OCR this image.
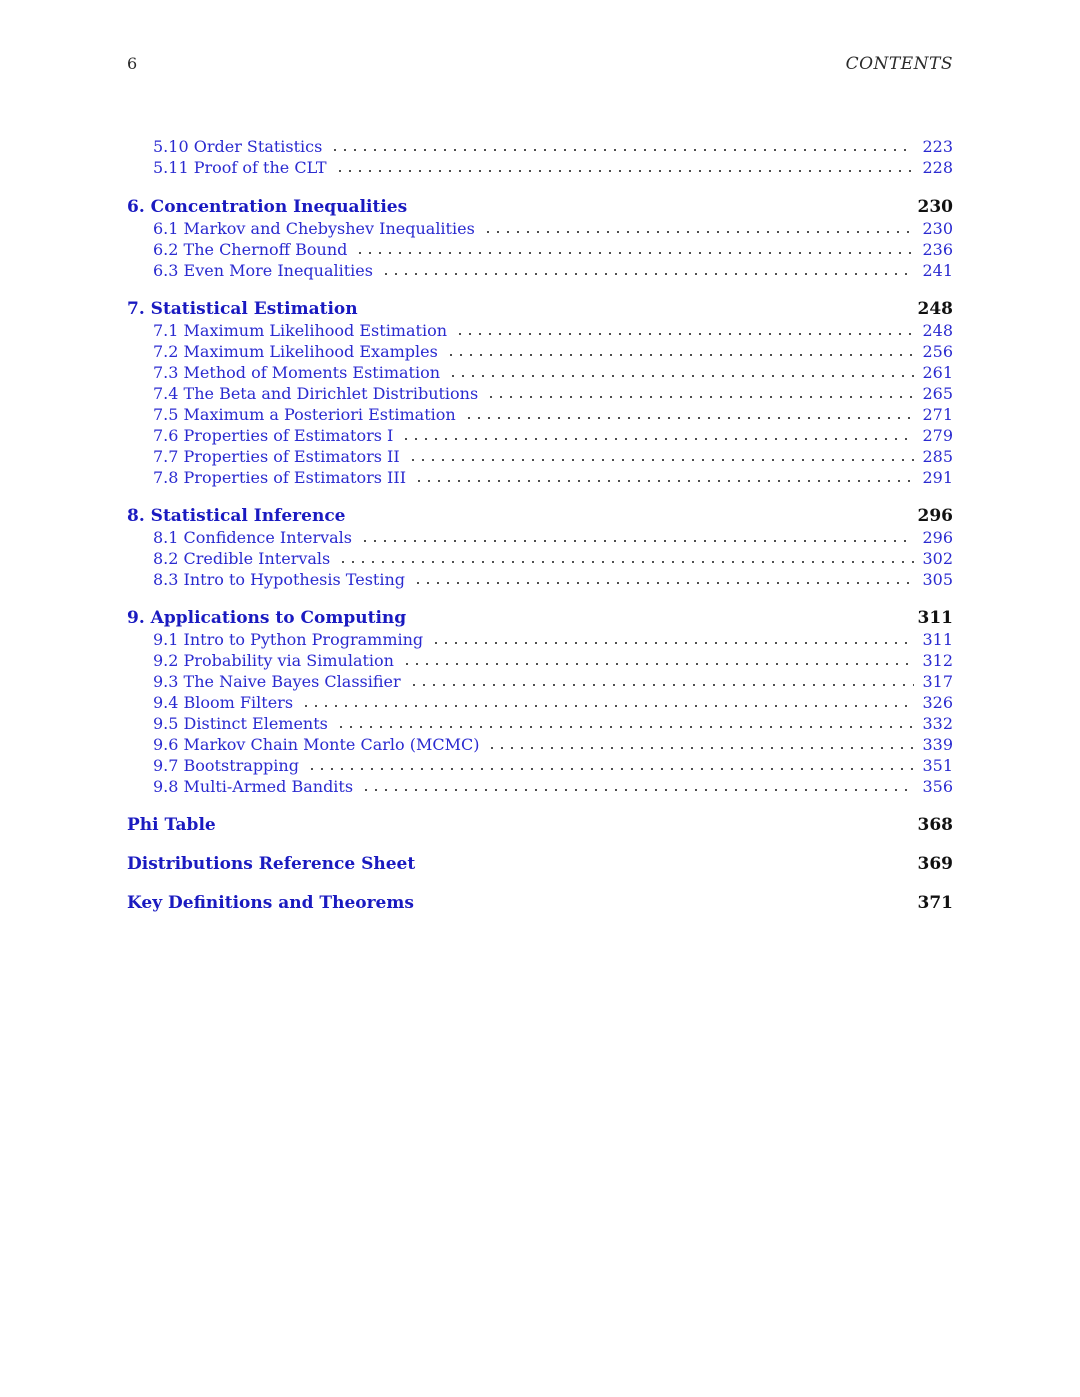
6	CONTENTS
5.10 Order Statistics	223
5.11 Proof of the CLT	228
6. Concentration Inequalities	230
6.1 Markov and Chebyshev Inequalities	230
6.2 The Chernoff Bound	236
6.3 Even More Inequalities	241
7. Statistical Estimation	248
7.1 Maximum Likelihood Estimation	248
7.2 Maximum Likelihood Examples	256
7.3 Method of Moments Estimation	261
7.4 The Beta and Dirichlet Distributions	265
7.5 Maximum a Posteriori Estimation	271
7.6 Properties of Estimators I	279
7.7 Properties of Estimators II	285
7.8 Properties of Estimators III	291
8. Statistical Inference	296
8.1 Confidence Intervals	296
8.2 Credible Intervals	302
8.3 Intro to Hypothesis Testing	305
9. Applications to Computing	311
9.1 Intro to Python Programming	311
9.2 Probability via Simulation	312
9.3 The Naive Bayes Classifier	317
9.4 Bloom Filters	326
9.5 Distinct Elements	332
9.6 Markov Chain Monte Carlo (MCMC)	339
9.7 Bootstrapping	351
9.8 Multi-Armed Bandits	356
Phi Table	368
Distributions Reference Sheet	369
Key Definitions and Theorems	371
